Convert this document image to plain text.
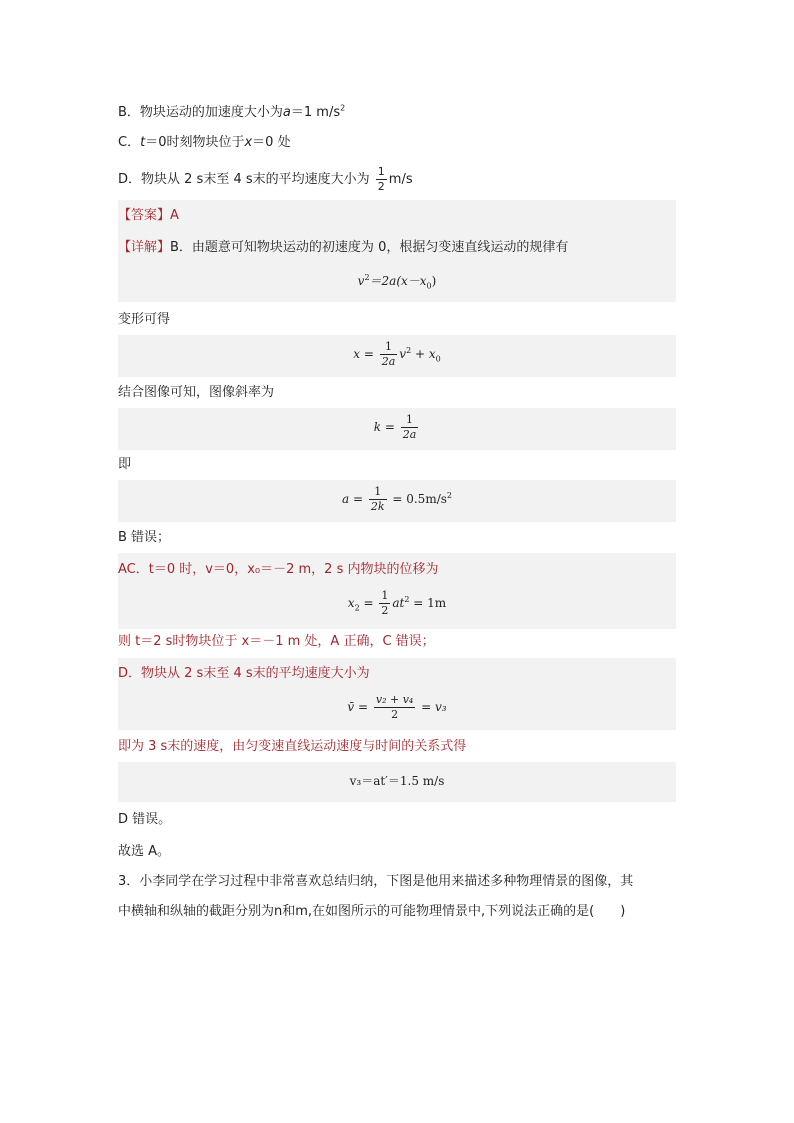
B．物块运动的加速度大小为a＝1 $m/s^2$
C．t＝0时刻物块位于x＝0 处
D．物块从 2 s末至 4 s末的平均速度大小为 $\frac{1}{2} m/s$
【答案】A
【详解】B．由题意可知物块运动的初速度为 0，根据匀变速直线运动的规律有
$v^2=2a(x-x_0)$
变形可得
$x = \frac{1}{2a} v^2 + x_0$
结合图像可知，图像斜率为
$k = \frac{1}{2a}$
即
$a = \frac{1}{2k} = 0.5m/s^2$
B 错误；
AC．t＝0 时，v＝0，x₀＝－2 m，2 s 内物块的位移为
$x_2 = \frac{1}{2} at^2 = 1m$
则 t＝2 s时物块位于 x＝－1 m 处，A 正确，C 错误；
D．物块从 2 s末至 4 s末的平均速度大小为
v̄ = $\frac{\text{v₂ + v₄}}{2} = v_3$
即为 3 s末的速度，由匀变速直线运动速度与时间的关系式得
v₃＝at′＝1.5 m/s
D 错误。
故选 A。
3．小李同学在学习过程中非常喜欢总结归纳，下图是他用来描述多种物理情景的图像，其
中横轴和纵轴的截距分别为n和m,在如图所示的可能物理情景中,下列说法正确的是(　　)
